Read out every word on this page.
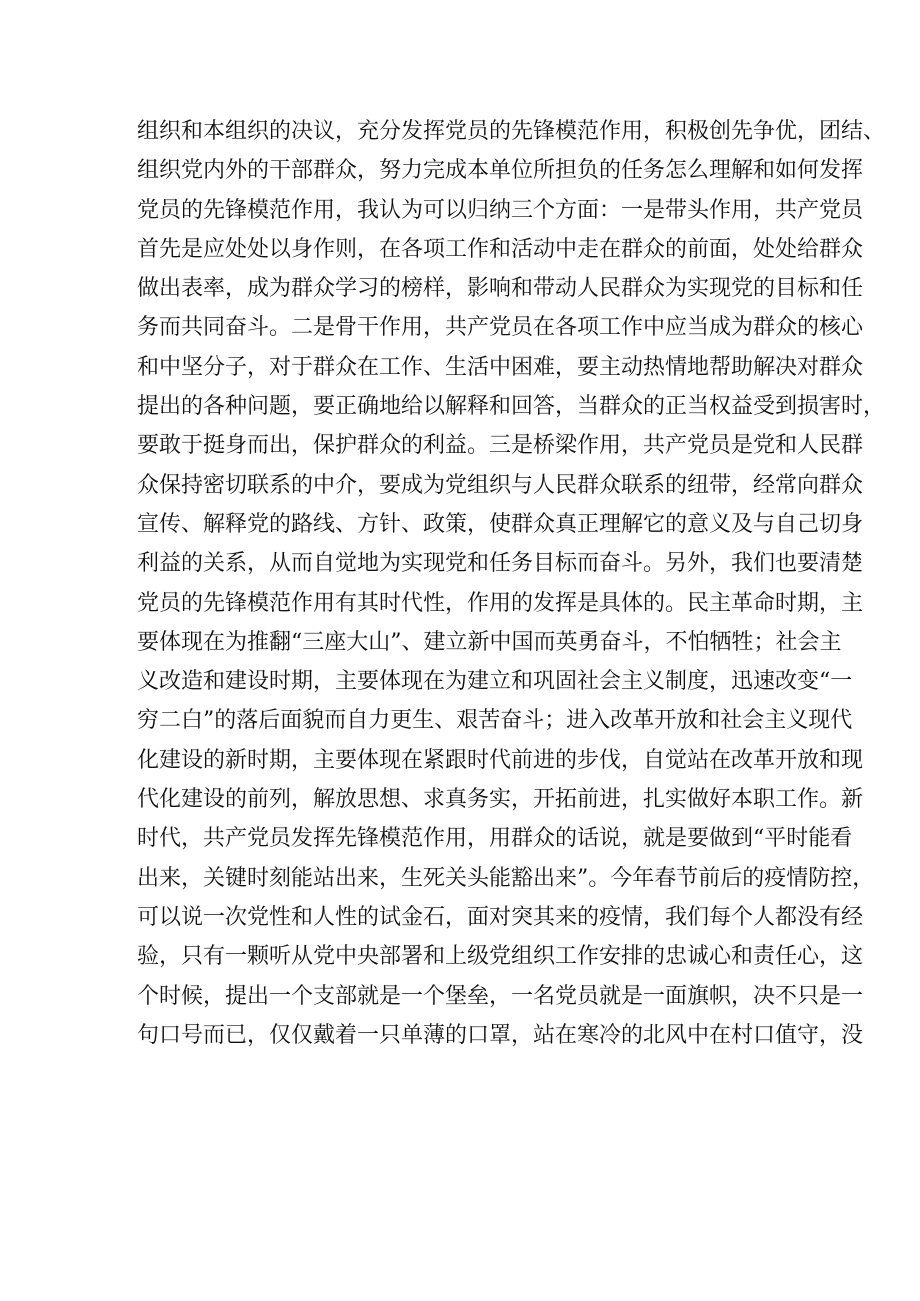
组织和本组织的决议，充分发挥党员的先锋模范作用，积极创先争优，团结、
组织党内外的干部群众，努力完成本单位所担负的任务怎么理解和如何发挥
党员的先锋模范作用，我认为可以归纳三个方面：一是带头作用，共产党员
首先是应处处以身作则，在各项工作和活动中走在群众的前面，处处给群众
做出表率，成为群众学习的榜样，影响和带动人民群众为实现党的目标和任
务而共同奋斗。二是骨干作用，共产党员在各项工作中应当成为群众的核心
和中坚分子，对于群众在工作、生活中困难，要主动热情地帮助解决对群众
提出的各种问题，要正确地给以解释和回答，当群众的正当权益受到损害时，
要敢于挺身而出，保护群众的利益。三是桥梁作用，共产党员是党和人民群
众保持密切联系的中介，要成为党组织与人民群众联系的纽带，经常向群众
宣传、解释党的路线、方针、政策，使群众真正理解它的意义及与自己切身
利益的关系，从而自觉地为实现党和任务目标而奋斗。另外，我们也要清楚
党员的先锋模范作用有其时代性，作用的发挥是具体的。民主革命时期，主
要体现在为推翻“三座大山”、建立新中国而英勇奋斗，不怕牺牲；社会主
义改造和建设时期，主要体现在为建立和巩固社会主义制度，迅速改变“一
穷二白”的落后面貌而自力更生、艰苦奋斗；进入改革开放和社会主义现代
化建设的新时期，主要体现在紧跟时代前进的步伐，自觉站在改革开放和现
代化建设的前列，解放思想、求真务实，开拓前进，扎实做好本职工作。新
时代，共产党员发挥先锋模范作用，用群众的话说，就是要做到“平时能看
出来，关键时刻能站出来，生死关头能豁出来”。今年春节前后的疫情防控，
可以说一次党性和人性的试金石，面对突其来的疫情，我们每个人都没有经
验，只有一颗听从党中央部署和上级党组织工作安排的忠诚心和责任心，这
个时候，提出一个支部就是一个堡垒，一名党员就是一面旗帜，决不只是一
句口号而已，仅仅戴着一只单薄的口罩，站在寒冷的北风中在村口值守，没
